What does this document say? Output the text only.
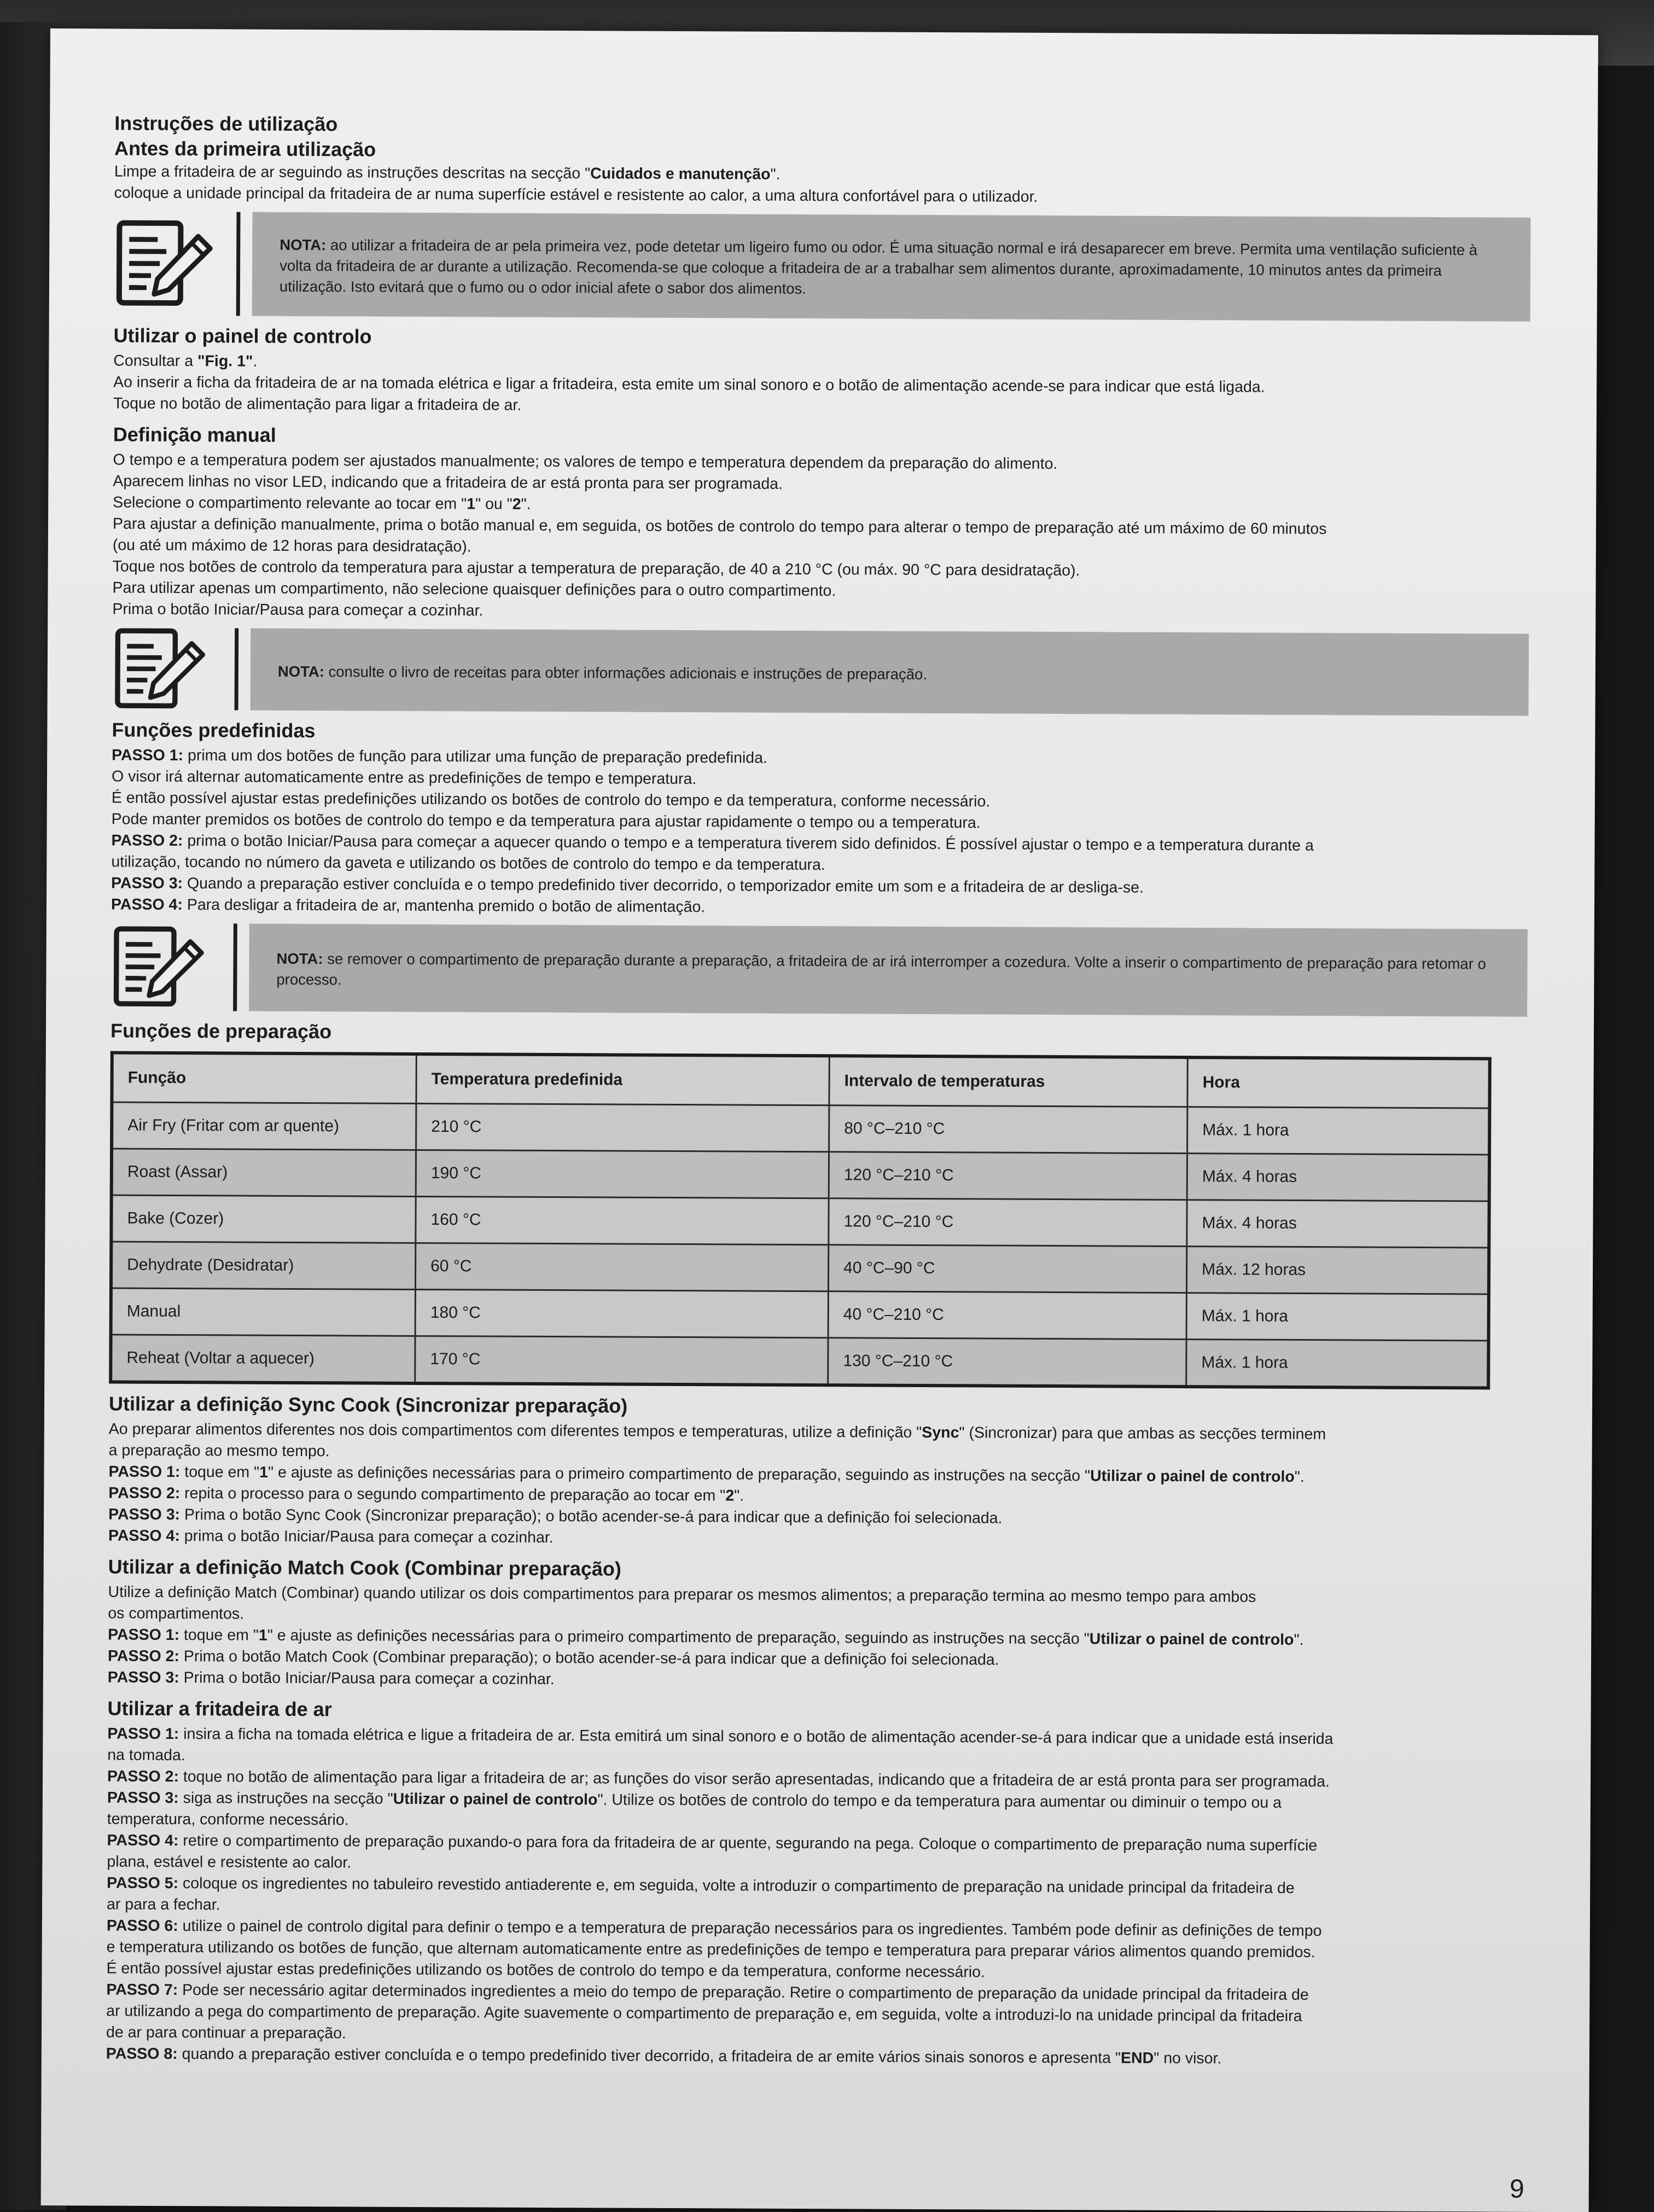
Instruções de utilização
Antes da primeira utilização

Limpe a fritadeira de ar seguindo as instruções descritas na secção "Cuidados e manutenção".

coloque a unidade principal da fritadeira de ar numa superfície estável e resistente ao calor, a uma altura confortável para o utilizador.

NOTA: ao utilizar a fritadeira de ar pela primeira vez, pode detetar um ligeiro fumo ou odor. É uma situação normal e irá desaparecer em breve. Permita uma ventilação suficiente à volta da fritadeira de ar durante a utilização. Recomenda-se que coloque a fritadeira de ar a trabalhar sem alimentos durante, aproximadamente, 10 minutos antes da primeira utilização. Isto evitará que o fumo ou o odor inicial afete o sabor dos alimentos.

Utilizar o painel de controlo

Consultar a "Fig. 1".

Ao inserir a ficha da fritadeira de ar na tomada elétrica e ligar a fritadeira, esta emite um sinal sonoro e o botão de alimentação acende-se para indicar que está ligada.

Toque no botão de alimentação para ligar a fritadeira de ar.

Definição manual

O tempo e a temperatura podem ser ajustados manualmente; os valores de tempo e temperatura dependem da preparação do alimento.

Aparecem linhas no visor LED, indicando que a fritadeira de ar está pronta para ser programada.

Selecione o compartimento relevante ao tocar em "1" ou "2".

Para ajustar a definição manualmente, prima o botão manual e, em seguida, os botões de controlo do tempo para alterar o tempo de preparação até um máximo de 60 minutos

(ou até um máximo de 12 horas para desidratação).

Toque nos botões de controlo da temperatura para ajustar a temperatura de preparação, de 40 a 210 °C (ou máx. 90 °C para desidratação).

Para utilizar apenas um compartimento, não selecione quaisquer definições para o outro compartimento.

Prima o botão Iniciar/Pausa para começar a cozinhar.

NOTA: consulte o livro de receitas para obter informações adicionais e instruções de preparação.

Funções predefinidas

PASSO 1: prima um dos botões de função para utilizar uma função de preparação predefinida.

O visor irá alternar automaticamente entre as predefinições de tempo e temperatura.

É então possível ajustar estas predefinições utilizando os botões de controlo do tempo e da temperatura, conforme necessário.

Pode manter premidos os botões de controlo do tempo e da temperatura para ajustar rapidamente o tempo ou a temperatura.

PASSO 2: prima o botão Iniciar/Pausa para começar a aquecer quando o tempo e a temperatura tiverem sido definidos. É possível ajustar o tempo e a temperatura durante a

utilização, tocando no número da gaveta e utilizando os botões de controlo do tempo e da temperatura.

PASSO 3: Quando a preparação estiver concluída e o tempo predefinido tiver decorrido, o temporizador emite um som e a fritadeira de ar desliga-se.

PASSO 4: Para desligar a fritadeira de ar, mantenha premido o botão de alimentação.

NOTA: se remover o compartimento de preparação durante a preparação, a fritadeira de ar irá interromper a cozedura. Volte a inserir o compartimento de preparação para retomar o processo.

Funções de preparação
Função	Temperatura predefinida	Intervalo de temperaturas	Hora
Air Fry (Fritar com ar quente)	210 °C	80 °C–210 °C	Máx. 1 hora
Roast (Assar)	190 °C	120 °C–210 °C	Máx. 4 horas
Bake (Cozer)	160 °C	120 °C–210 °C	Máx. 4 horas
Dehydrate (Desidratar)	60 °C	40 °C–90 °C	Máx. 12 horas
Manual	180 °C	40 °C–210 °C	Máx. 1 hora
Reheat (Voltar a aquecer)	170 °C	130 °C–210 °C	Máx. 1 hora
Utilizar a definição Sync Cook (Sincronizar preparação)

Ao preparar alimentos diferentes nos dois compartimentos com diferentes tempos e temperaturas, utilize a definição "Sync" (Sincronizar) para que ambas as secções terminem

a preparação ao mesmo tempo.

PASSO 1: toque em "1" e ajuste as definições necessárias para o primeiro compartimento de preparação, seguindo as instruções na secção "Utilizar o painel de controlo".

PASSO 2: repita o processo para o segundo compartimento de preparação ao tocar em "2".

PASSO 3: Prima o botão Sync Cook (Sincronizar preparação); o botão acender-se-á para indicar que a definição foi selecionada.

PASSO 4: prima o botão Iniciar/Pausa para começar a cozinhar.

Utilizar a definição Match Cook (Combinar preparação)

Utilize a definição Match (Combinar) quando utilizar os dois compartimentos para preparar os mesmos alimentos; a preparação termina ao mesmo tempo para ambos

os compartimentos.

PASSO 1: toque em "1" e ajuste as definições necessárias para o primeiro compartimento de preparação, seguindo as instruções na secção "Utilizar o painel de controlo".

PASSO 2: Prima o botão Match Cook (Combinar preparação); o botão acender-se-á para indicar que a definição foi selecionada.

PASSO 3: Prima o botão Iniciar/Pausa para começar a cozinhar.

Utilizar a fritadeira de ar

PASSO 1: insira a ficha na tomada elétrica e ligue a fritadeira de ar. Esta emitirá um sinal sonoro e o botão de alimentação acender-se-á para indicar que a unidade está inserida

na tomada.

PASSO 2: toque no botão de alimentação para ligar a fritadeira de ar; as funções do visor serão apresentadas, indicando que a fritadeira de ar está pronta para ser programada.

PASSO 3: siga as instruções na secção "Utilizar o painel de controlo". Utilize os botões de controlo do tempo e da temperatura para aumentar ou diminuir o tempo ou a

temperatura, conforme necessário.

PASSO 4: retire o compartimento de preparação puxando-o para fora da fritadeira de ar quente, segurando na pega. Coloque o compartimento de preparação numa superfície

plana, estável e resistente ao calor.

PASSO 5: coloque os ingredientes no tabuleiro revestido antiaderente e, em seguida, volte a introduzir o compartimento de preparação na unidade principal da fritadeira de

ar para a fechar.

PASSO 6: utilize o painel de controlo digital para definir o tempo e a temperatura de preparação necessários para os ingredientes. Também pode definir as definições de tempo

e temperatura utilizando os botões de função, que alternam automaticamente entre as predefinições de tempo e temperatura para preparar vários alimentos quando premidos.

É então possível ajustar estas predefinições utilizando os botões de controlo do tempo e da temperatura, conforme necessário.

PASSO 7: Pode ser necessário agitar determinados ingredientes a meio do tempo de preparação. Retire o compartimento de preparação da unidade principal da fritadeira de

ar utilizando a pega do compartimento de preparação. Agite suavemente o compartimento de preparação e, em seguida, volte a introduzi-lo na unidade principal da fritadeira

de ar para continuar a preparação.

PASSO 8: quando a preparação estiver concluída e o tempo predefinido tiver decorrido, a fritadeira de ar emite vários sinais sonoros e apresenta "END" no visor.

9
